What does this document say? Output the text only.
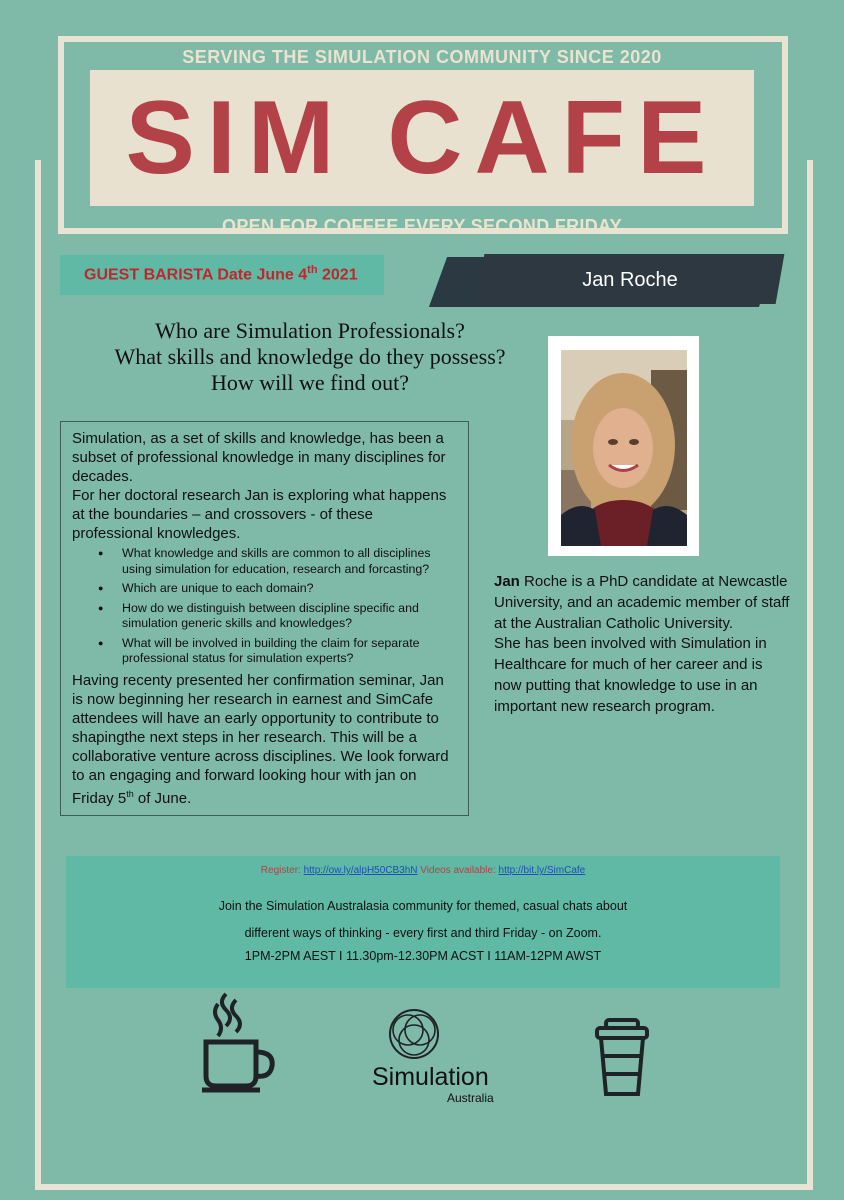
SERVING THE SIMULATION COMMUNITY SINCE 2020
SIM CAFE
OPEN FOR COFFEE EVERY SECOND FRIDAY
GUEST BARISTA Date June 4th 2021	Jan Roche
Who are Simulation Professionals?
What skills and knowledge do they possess?
How will we find out?

Simulation, as a set of skills and knowledge, has been a subset of professional knowledge in many disciplines for decades.

For her doctoral research Jan is exploring what happens at the boundaries – and crossovers - of these professional knowledges.

● What knowledge and skills are common to all disciplines using simulation for education, research and forcasting?
● Which are unique to each domain?
● How do we distinguish between discipline specific and simulation generic skills and knowledges?
● What will be involved in building the claim for separate professional status for simulation experts?

Having recenty presented her confirmation seminar, Jan is now beginning her research in earnest and SimCafe attendees will have an early opportunity to contribute to shapingthe next steps in her research. This will be a collaborative venture across disciplines. We look forward to an engaging and forward looking hour with jan on Friday 5th of June.

Jan Roche is a PhD candidate at Newcastle University, and an academic member of staff at the Australian Catholic University.
She has been involved with Simulation in Healthcare for much of her career and is now putting that knowledge to use in an important new research program.
Register: http://ow.ly/alpH50CB3hN Videos available: http://bit.ly/SimCafe
Join the Simulation Australasia community for themed, casual chats about different ways of thinking - every first and third Friday - on Zoom.
1PM-2PM AEST I 11.30pm-12.30PM ACST I 11AM-12PM AWST
Simulation
Australia
